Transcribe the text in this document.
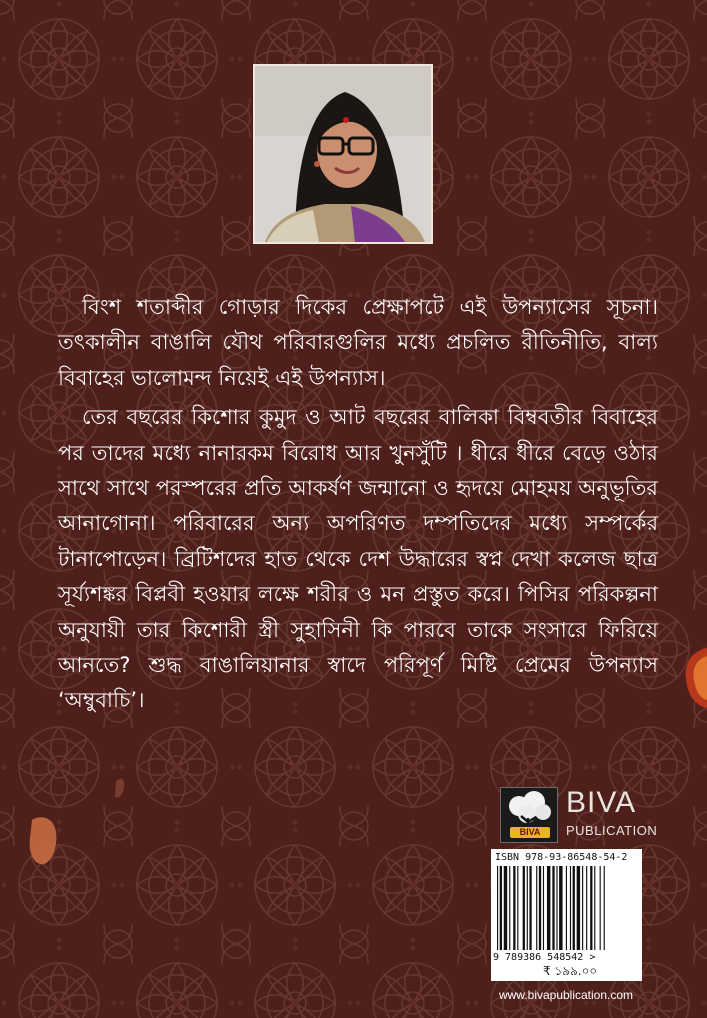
বিংশ শতাব্দীর গোড়ার দিকের প্রেক্ষাপটে এই উপন্যাসের সূচনা। তৎকালীন বাঙালি যৌথ পরিবারগুলির মধ্যে প্রচলিত রীতিনীতি, বাল্য বিবাহের ভালোমন্দ নিয়েই এই উপন্যাস।

তের বছরের কিশোর কুমুদ ও আট বছরের বালিকা বিম্ববতীর বিবাহের পর তাদের মধ্যে নানারকম বিরোধ আর খুনসুঁটি । ধীরে ধীরে বেড়ে ওঠার সাথে সাথে পরস্পরের প্রতি আকর্ষণ জন্মানো ও হৃদয়ে মোহময় অনুভূতির আনাগোনা। পরিবারের অন্য অপরিণত দম্পতিদের মধ্যে সম্পর্কের টানাপোড়েন। ব্রিটিশদের হাত থেকে দেশ উদ্ধারের স্বপ্ন দেখা কলেজ ছাত্র সূর্য্যশঙ্কর বিপ্লবী হওয়ার লক্ষে শরীর ও মন প্রস্তুত করে। পিসির পরিকল্পনা অনুযায়ী তার কিশোরী স্ত্রী সুহাসিনী কি পারবে তাকে সংসারে ফিরিয়ে আনতে? শুদ্ধ বাঙালিয়ানার স্বাদে পরিপূর্ণ মিষ্টি প্রেমের উপন্যাস ‘অম্বুবাচি’।

BIVA
BIVA
PUBLICATION
ISBN 978-93-86548-54-2
9 789386 548542 >
₹ ১৯৯.০০
www.bivapublication.com
